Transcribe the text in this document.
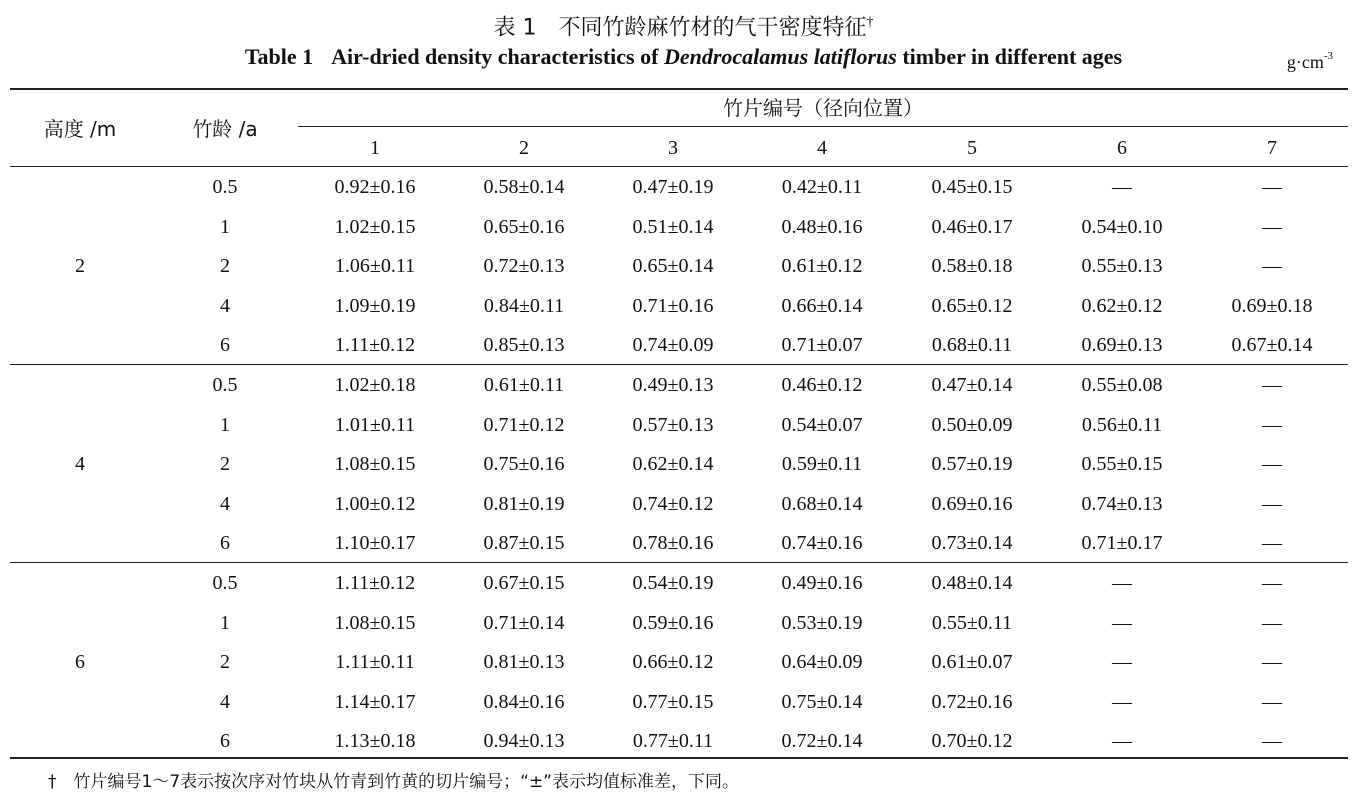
表 1　不同竹龄麻竹材的气干密度特征†
Table 1 Air-dried density characteristics of Dendrocalamus latiflorus timber in different ages	$g\cdot cm^{-3}$
高度 /m	竹龄 /a
竹片编号（径向位置）
1	2	3	4	5	6	7
2
0.5	0.92±0.16	0.58±0.14	0.47±0.19	0.42±0.11	0.45±0.15	—	—
1	1.02±0.15	0.65±0.16	0.51±0.14	0.48±0.16	0.46±0.17	0.54±0.10	—
2	1.06±0.11	0.72±0.13	0.65±0.14	0.61±0.12	0.58±0.18	0.55±0.13	—
4	1.09±0.19	0.84±0.11	0.71±0.16	0.66±0.14	0.65±0.12	0.62±0.12	0.69±0.18
6	1.11±0.12	0.85±0.13	0.74±0.09	0.71±0.07	0.68±0.11	0.69±0.13	0.67±0.14
4
0.5	1.02±0.18	0.61±0.11	0.49±0.13	0.46±0.12	0.47±0.14	0.55±0.08	—
1	1.01±0.11	0.71±0.12	0.57±0.13	0.54±0.07	0.50±0.09	0.56±0.11	—
2	1.08±0.15	0.75±0.16	0.62±0.14	0.59±0.11	0.57±0.19	0.55±0.15	—
4	1.00±0.12	0.81±0.19	0.74±0.12	0.68±0.14	0.69±0.16	0.74±0.13	—
6	1.10±0.17	0.87±0.15	0.78±0.16	0.74±0.16	0.73±0.14	0.71±0.17	—
6
0.5	1.11±0.12	0.67±0.15	0.54±0.19	0.49±0.16	0.48±0.14	—	—
1	1.08±0.15	0.71±0.14	0.59±0.16	0.53±0.19	0.55±0.11	—	—
2	1.11±0.11	0.81±0.13	0.66±0.12	0.64±0.09	0.61±0.07	—	—
4	1.14±0.17	0.84±0.16	0.77±0.15	0.75±0.14	0.72±0.16	—	—
6	1.13±0.18	0.94±0.13	0.77±0.11	0.72±0.14	0.70±0.12	—	—
†　竹片编号1～7表示按次序对竹块从竹青到竹黄的切片编号；“±”表示均值标准差，下同。
